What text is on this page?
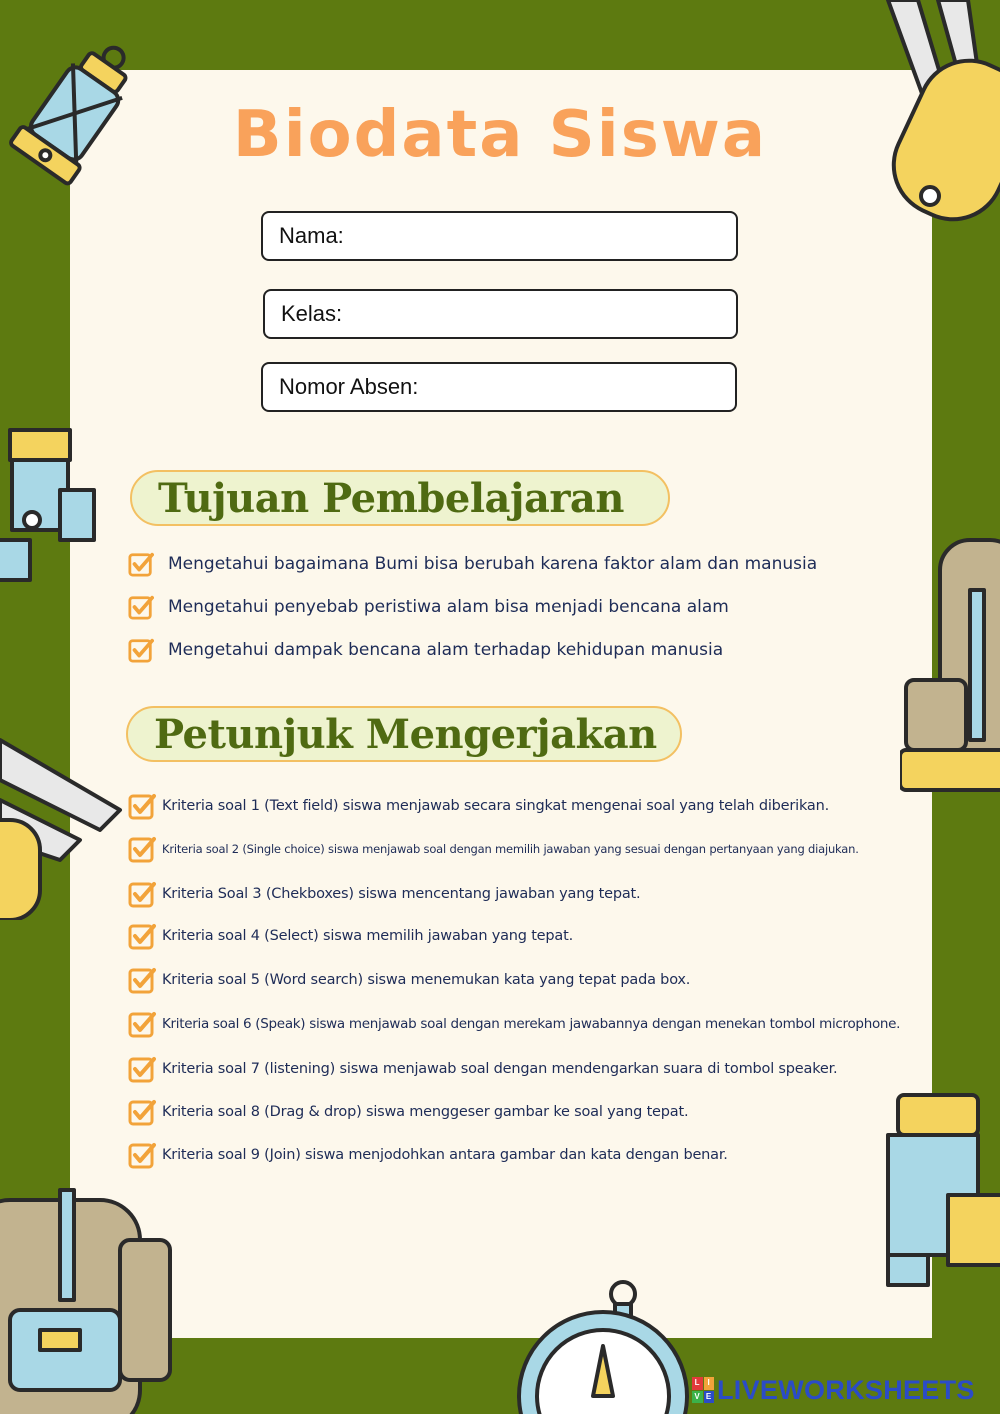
Biodata Siswa
Nama:
Kelas:
Nomor Absen:
Tujuan Pembelajaran
Mengetahui bagaimana Bumi bisa berubah karena faktor alam dan manusia
Mengetahui penyebab peristiwa alam bisa menjadi bencana alam
Mengetahui dampak bencana alam terhadap kehidupan manusia
Petunjuk Mengerjakan
Kriteria soal 1 (Text field) siswa menjawab secara singkat mengenai soal yang telah diberikan.
Kriteria soal 2 (Single choice) siswa menjawab soal dengan memilih jawaban yang sesuai dengan pertanyaan yang diajukan.
Kriteria Soal 3 (Chekboxes) siswa mencentang jawaban yang tepat.
Kriteria soal 4 (Select) siswa memilih jawaban yang tepat.
Kriteria soal 5 (Word search) siswa menemukan kata yang tepat pada box.
Kriteria soal 6 (Speak) siswa menjawab soal dengan merekam jawabannya dengan menekan tombol microphone.
Kriteria soal 7 (listening) siswa menjawab soal dengan mendengarkan suara di tombol speaker.
Kriteria soal 8 (Drag & drop) siswa menggeser gambar ke soal yang tepat.
Kriteria soal 9 (Join) siswa menjodohkan antara gambar dan kata dengan benar.
L I
V E LIVEWORKSHEETS
